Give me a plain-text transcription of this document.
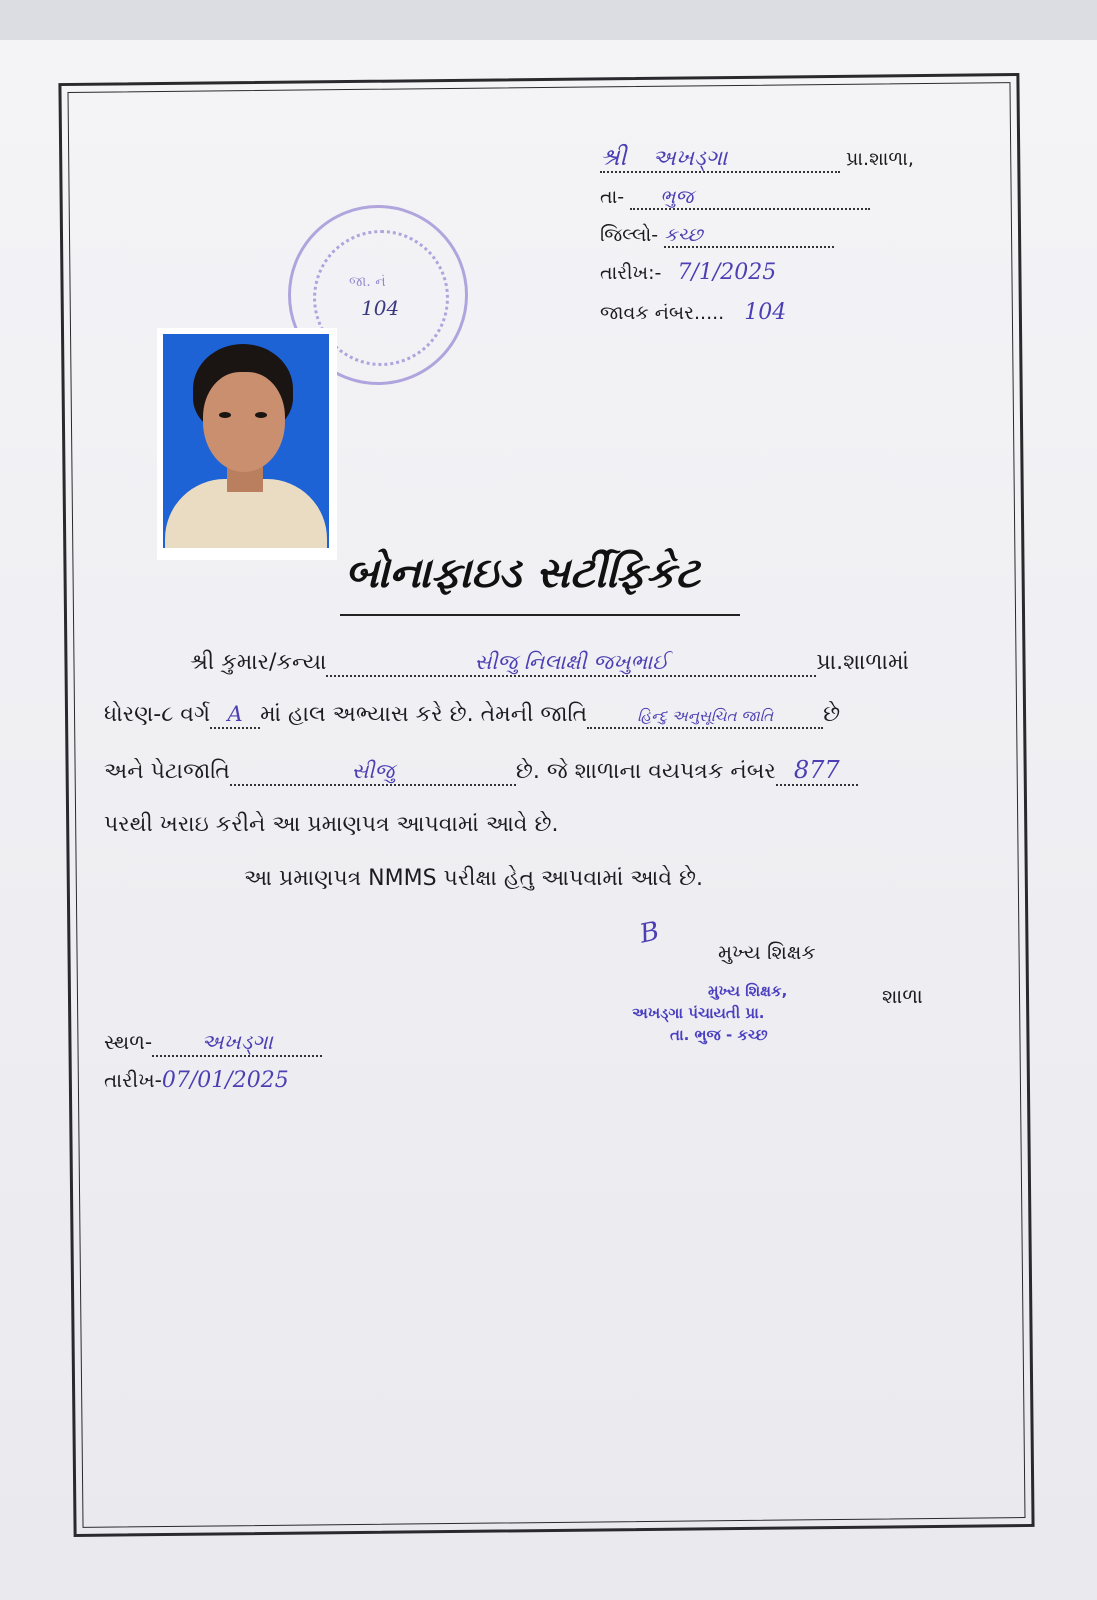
શ્રી અખડ્ગા	પ્રા.શાળા,
તા- ભુજ
જિલ્લો- કચ્છ
તારીખ:- 7/1/2025
જાવક નંબર..... 104
જા. નં
104
બોનાફાઇડ સર્ટીફિકેટ
શ્રી કુમાર/કન્યા	સીજુ નિલાક્ષી જખુભાઈ	પ્રા.શાળામાં
ધોરણ-૮ વર્ગ A માં હાલ અભ્યાસ કરે છે. તેમની જાતિ	હિન્દુ અનુસૂચિત જાતિ છે
અને પેટાજાતિ	સીજુ	છે. જે શાળાના વયપત્રક નંબર 877
પરથી ખરાઇ કરીને આ પ્રમાણપત્ર આપવામાં આવે છે.
આ પ્રમાણપત્ર NMMS પરીક્ષા હેતુ આપવામાં આવે છે.
B
મુખ્ય શિક્ષક
મુખ્ય શિક્ષક,
અખડ્ગા પંચાયતી પ્રા.
તા. ભુજ - કચ્છ
શાળા
સ્થળ- અખડ્ગા
તારીખ-07/01/2025
